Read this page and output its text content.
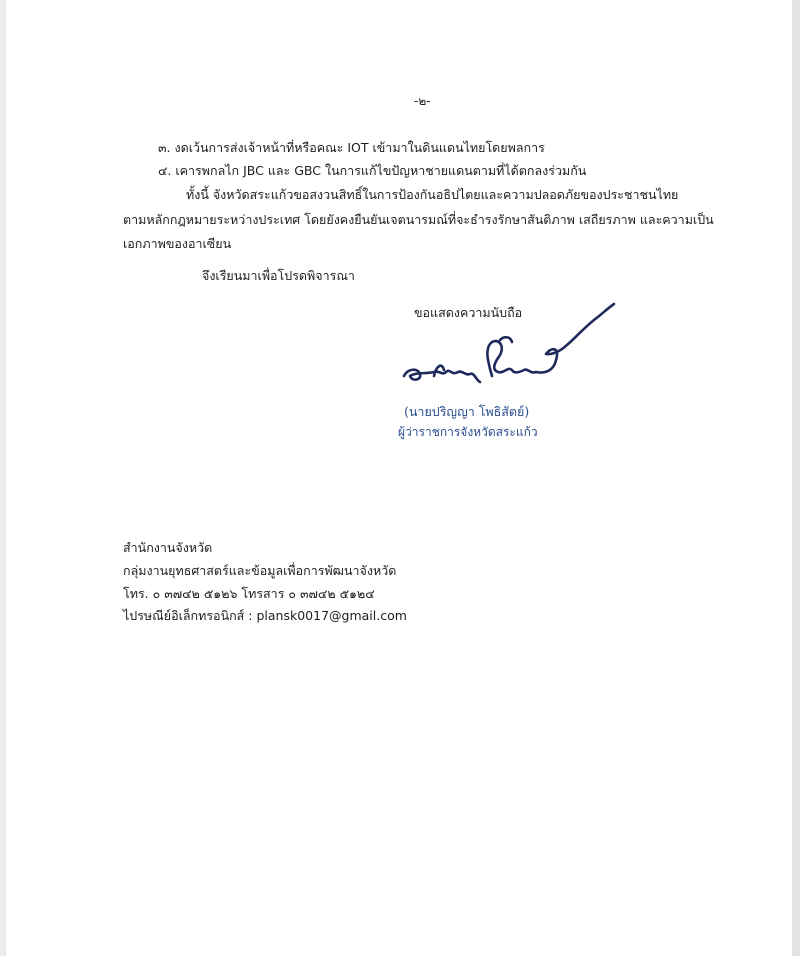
-๒-
๓. งดเว้นการส่งเจ้าหน้าที่หรือคณะ IOT เข้ามาในดินแดนไทยโดยพลการ
๔. เคารพกลไก JBC และ GBC ในการแก้ไขปัญหาชายแดนตามที่ได้ตกลงร่วมกัน
ทั้งนี้ จังหวัดสระแก้วขอสงวนสิทธิ์ในการป้องกันอธิปไตยและความปลอดภัยของประชาชนไทย
ตามหลักกฎหมายระหว่างประเทศ โดยยังคงยืนยันเจตนารมณ์ที่จะธำรงรักษาสันติภาพ เสถียรภาพ และความเป็น
เอกภาพของอาเซียน
จึงเรียนมาเพื่อโปรดพิจารณา
ขอแสดงความนับถือ
(นายปริญญา โพธิสัตย์)
ผู้ว่าราชการจังหวัดสระแก้ว
สำนักงานจังหวัด
กลุ่มงานยุทธศาสตร์และข้อมูลเพื่อการพัฒนาจังหวัด
โทร. ๐ ๓๗๔๒ ๕๑๒๖ โทรสาร ๐ ๓๗๔๒ ๕๑๒๔
ไปรษณีย์อิเล็กทรอนิกส์ : plansk0017@gmail.com
